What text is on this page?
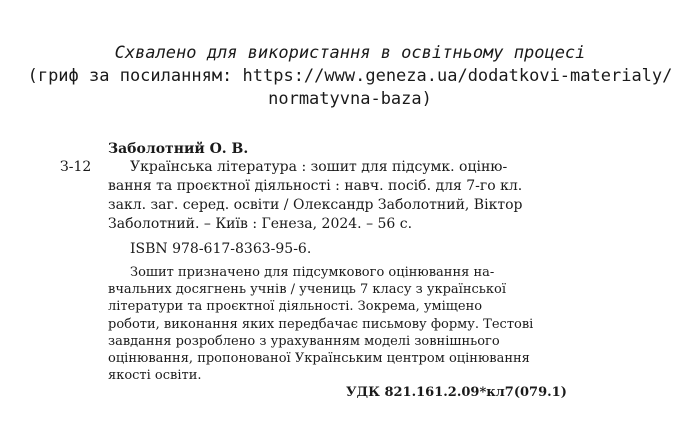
Схвалено для використання в освітньому процесі
(гриф за посиланням: https://www.geneza.ua/dodatkovi-materialy/
normatyvna-baza)
Заболотний О. В.
З-12	Українська література : зошит для підсумк. оціню-
вання та проєктної діяльності : навч. посіб. для 7-го кл.
закл. заг. серед. освіти / Олександр Заболотний, Віктор
Заболотний. – Київ : Генеза, 2024. – 56 с.
ISBN 978-617-8363-95-6.
Зошит призначено для підсумкового оцінювання на-
вчальних досягнень учнів / учениць 7 класу з української
літератури та проєктної діяльності. Зокрема, уміщено
роботи, виконання яких передбачає письмову форму. Тестові
завдання розроблено з урахуванням моделі зовнішнього
оцінювання, пропонованої Українським центром оцінювання
якості освіти.
УДК 821.161.2.09*кл7(079.1)
